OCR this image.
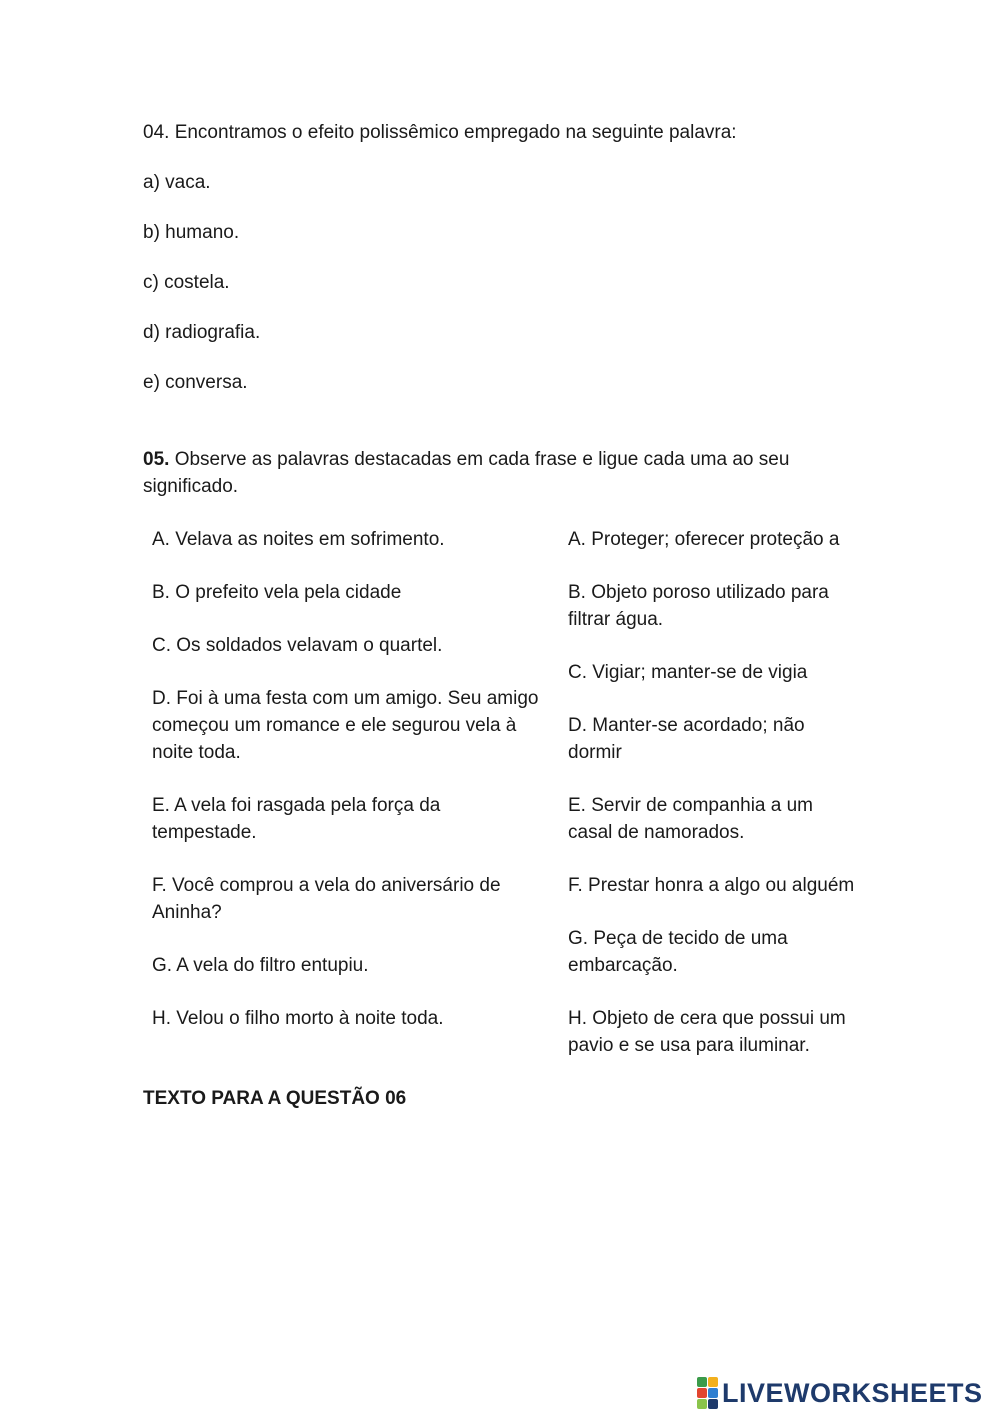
04. Encontramos o efeito polissêmico empregado na seguinte palavra:
a) vaca.
b) humano.
c) costela.
d) radiografia.
e) conversa.
05. Observe as palavras destacadas em cada frase e ligue cada uma ao seu significado.
A. Velava as noites em sofrimento.
B. O prefeito vela pela cidade
C. Os soldados velavam o quartel.
D. Foi à uma festa com um amigo. Seu amigo começou um romance e ele segurou vela à noite toda.
E. A vela foi rasgada pela força da tempestade.
F. Você comprou a vela do aniversário de Aninha?
G. A vela do filtro entupiu.
H. Velou o filho morto à noite toda.
A. Proteger; oferecer proteção a
B. Objeto poroso utilizado para filtrar água.
C. Vigiar; manter-se de vigia
D. Manter-se acordado; não dormir
E. Servir de companhia a um casal de namorados.
F. Prestar honra a algo ou alguém
G. Peça de tecido de uma embarcação.
H. Objeto de cera que possui um pavio e se usa para iluminar.
TEXTO PARA A QUESTÃO 06
LIVEWORKSHEETS
